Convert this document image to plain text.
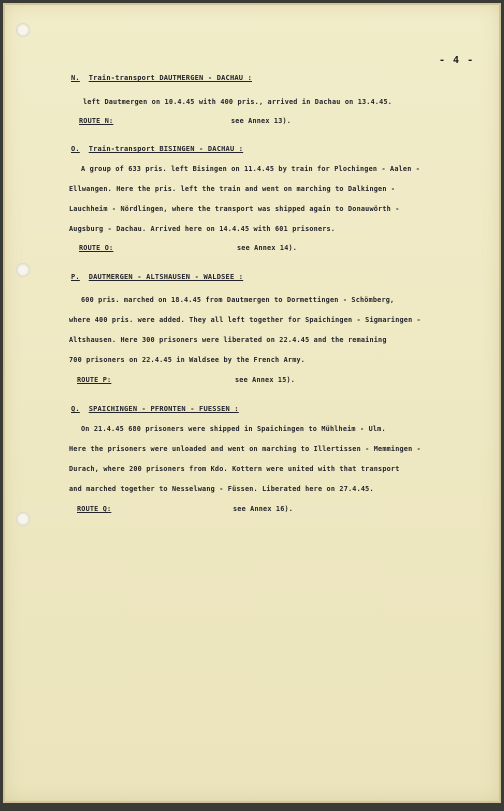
- 4 -
N. Train-transport DAUTMERGEN - DACHAU :
left Dautmergen on 10.4.45 with 400 pris., arrived in Dachau on 13.4.45.
ROUTE N:	see Annex 13).
O. Train-transport BISINGEN - DACHAU :
A group of 633 pris. left Bisingen on 11.4.45 by train for Plochingen - Aalen -
Ellwangen. Here the pris. left the train and went on marching to Dalkingen -
Lauchheim - Nördlingen, where the transport was shipped again to Donauwörth -
Augsburg - Dachau. Arrived here on 14.4.45 with 601 prisoners.
ROUTE O:	see Annex 14).
P. DAUTMERGEN - ALTSHAUSEN - WALDSEE :
600 pris. marched on 18.4.45 from Dautmergen to Dormettingen - Schömberg,
where 400 pris. were added. They all left together for Spaichingen - Sigmaringen -
Altshausen. Here 300 prisoners were liberated on 22.4.45 and the remaining
700 prisoners on 22.4.45 in Waldsee by the French Army.
ROUTE P:	see Annex 15).
Q. SPAICHINGEN - PFRONTEN - FUESSEN :
On 21.4.45 680 prisoners were shipped in Spaichingen to Mühlheim - Ulm.
Here the prisoners were unloaded and went on marching to Illertissen - Memmingen -
Durach, where 200 prisoners from Kdo. Kottern were united with that transport
and marched together to Nesselwang - Füssen. Liberated here on 27.4.45.
ROUTE Q:	see Annex 16).
